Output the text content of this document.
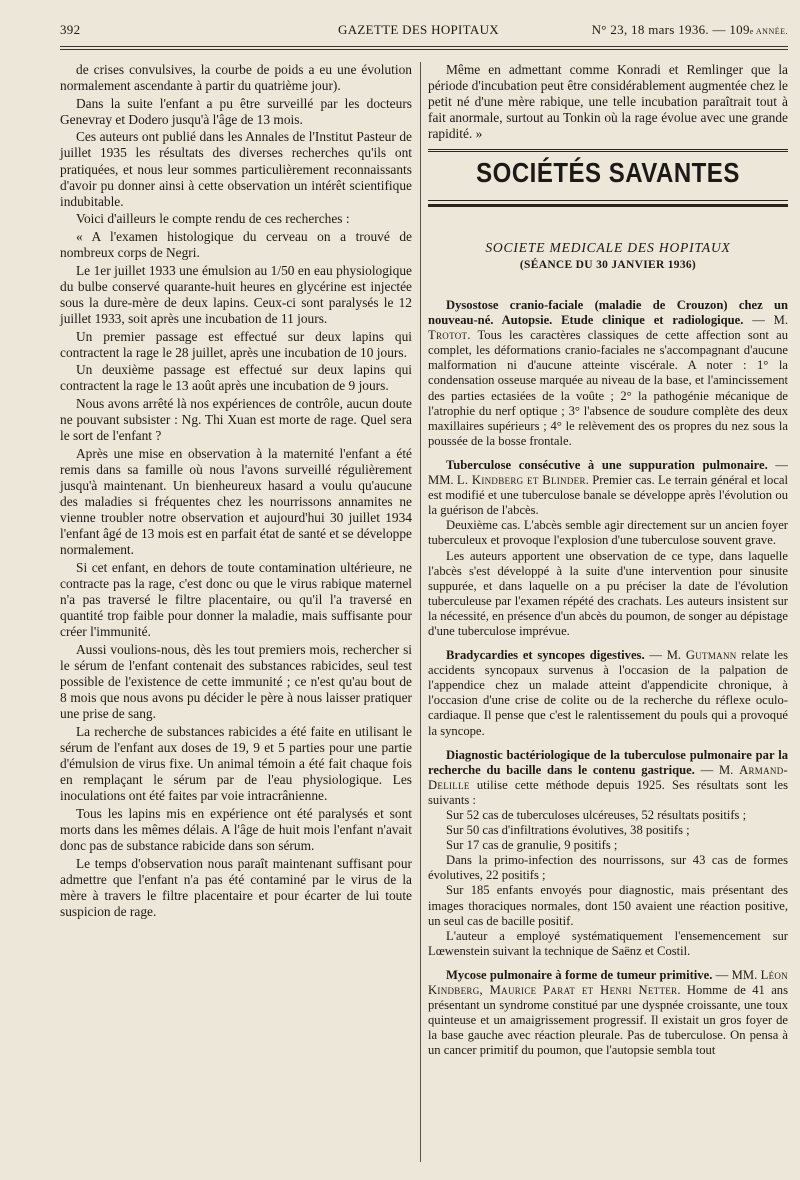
392	GAZETTE DES HOPITAUX	N° 23, 18 mars 1936. — 109e ANNÉE.

de crises convulsives, la courbe de poids a eu une évolution normalement ascendante à partir du quatrième jour).

Dans la suite l'enfant a pu être surveillé par les docteurs Genevray et Dodero jusqu'à l'âge de 13 mois.

Ces auteurs ont publié dans les Annales de l'Institut Pasteur de juillet 1935 les résultats des diverses recherches qu'ils ont pratiquées, et nous leur sommes particulièrement reconnaissants d'avoir pu donner ainsi à cette observation un intérêt scientifique indubitable.

Voici d'ailleurs le compte rendu de ces recherches :

« A l'examen histologique du cerveau on a trouvé de nombreux corps de Negri.

Le 1er juillet 1933 une émulsion au 1/50 en eau physiologique du bulbe conservé quarante-huit heures en glycérine est injectée sous la dure-mère de deux lapins. Ceux-ci sont paralysés le 12 juillet 1933, soit après une incubation de 11 jours.

Un premier passage est effectué sur deux lapins qui contractent la rage le 28 juillet, après une incubation de 10 jours.

Un deuxième passage est effectué sur deux lapins qui contractent la rage le 13 août après une incubation de 9 jours.

Nous avons arrêté là nos expériences de contrôle, aucun doute ne pouvant subsister : Ng. Thi Xuan est morte de rage. Quel sera le sort de l'enfant ?

Après une mise en observation à la maternité l'enfant a été remis dans sa famille où nous l'avons surveillé régulièrement jusqu'à maintenant. Un bienheureux hasard a voulu qu'aucune des maladies si fréquentes chez les nourrissons annamites ne vienne troubler notre observation et aujourd'hui 30 juillet 1934 l'enfant âgé de 13 mois est en parfait état de santé et se développe normalement.

Si cet enfant, en dehors de toute contamination ultérieure, ne contracte pas la rage, c'est donc ou que le virus rabique maternel n'a pas traversé le filtre placentaire, ou qu'il l'a traversé en quantité trop faible pour donner la maladie, mais suffisante pour créer l'immunité.

Aussi voulions-nous, dès les tout premiers mois, rechercher si le sérum de l'enfant contenait des substances rabicides, seul test possible de l'existence de cette immunité ; ce n'est qu'au bout de 8 mois que nous avons pu décider le père à nous laisser pratiquer une prise de sang.

La recherche de substances rabicides a été faite en utilisant le sérum de l'enfant aux doses de 19, 9 et 5 parties pour une partie d'émulsion de virus fixe. Un animal témoin a été fait chaque fois en remplaçant le sérum par de l'eau physiologique. Les inoculations ont été faites par voie intracrânienne.

Tous les lapins mis en expérience ont été paralysés et sont morts dans les mêmes délais. A l'âge de huit mois l'enfant n'avait donc pas de substance rabicide dans son sérum.

Le temps d'observation nous paraît maintenant suffisant pour admettre que l'enfant n'a pas été contaminé par le virus de la mère à travers le filtre placentaire et pour écarter de lui toute suspicion de rage.

Même en admettant comme Konradi et Remlinger que la période d'incubation peut être considérablement augmentée chez le petit né d'une mère rabique, une telle incubation paraîtrait tout à fait anormale, surtout au Tonkin où la rage évolue avec une grande rapidité. »

SOCIÉTÉS SAVANTES
SOCIETE MEDICALE DES HOPITAUX
(SÉANCE DU 30 JANVIER 1936)

Dysostose cranio-faciale (maladie de Crouzon) chez un nouveau-né. Autopsie. Etude clinique et radiologique. — M. Trotot. Tous les caractères classiques de cette affection sont au complet, les déformations cranio-faciales ne s'accompagnant d'aucune malformation ni d'aucune atteinte viscérale. A noter : 1° la condensation osseuse marquée au niveau de la base, et l'amincissement des parties ectasiées de la voûte ; 2° la pathogénie mécanique de l'atrophie du nerf optique ; 3° l'absence de soudure complète des deux maxillaires supérieurs ; 4° le relèvement des os propres du nez sous la poussée de la bosse frontale.

Tuberculose consécutive à une suppuration pulmonaire. — MM. L. Kindberg et Blinder. Premier cas. Le terrain général et local est modifié et une tuberculose banale se développe après l'évolution ou la guérison de l'abcès.

Deuxième cas. L'abcès semble agir directement sur un ancien foyer tuberculeux et provoque l'explosion d'une tuberculose souvent grave.

Les auteurs apportent une observation de ce type, dans laquelle l'abcès s'est développé à la suite d'une intervention pour sinusite suppurée, et dans laquelle on a pu préciser la date de l'évolution tuberculeuse par l'examen répété des crachats. Les auteurs insistent sur la nécessité, en présence d'un abcès du poumon, de songer au dépistage d'une tuberculose imprévue.

Bradycardies et syncopes digestives. — M. Gutmann relate les accidents syncopaux survenus à l'occasion de la palpation de l'appendice chez un malade atteint d'appendicite chronique, à l'occasion d'une crise de colite ou de la recherche du réflexe oculo-cardiaque. Il pense que c'est le ralentissement du pouls qui a provoqué la syncope.

Diagnostic bactériologique de la tuberculose pulmonaire par la recherche du bacille dans le contenu gastrique. — M. Armand-Delille utilise cette méthode depuis 1925. Ses résultats sont les suivants :

Sur 52 cas de tuberculoses ulcéreuses, 52 résultats positifs ;

Sur 50 cas d'infiltrations évolutives, 38 positifs ;

Sur 17 cas de granulie, 9 positifs ;

Dans la primo-infection des nourrissons, sur 43 cas de formes évolutives, 22 positifs ;

Sur 185 enfants envoyés pour diagnostic, mais présentant des images thoraciques normales, dont 150 avaient une réaction positive, un seul cas de bacille positif.

L'auteur a employé systématiquement l'ensemencement sur Lœwenstein suivant la technique de Saënz et Costil.

Mycose pulmonaire à forme de tumeur primitive. — MM. Léon Kindberg, Maurice Parat et Henri Netter. Homme de 41 ans présentant un syndrome constitué par une dyspnée croissante, une toux quinteuse et un amaigrissement progressif. Il existait un gros foyer de la base gauche avec réaction pleurale. Pas de tuberculose. On pensa à un cancer primitif du poumon, que l'autopsie sembla tout
